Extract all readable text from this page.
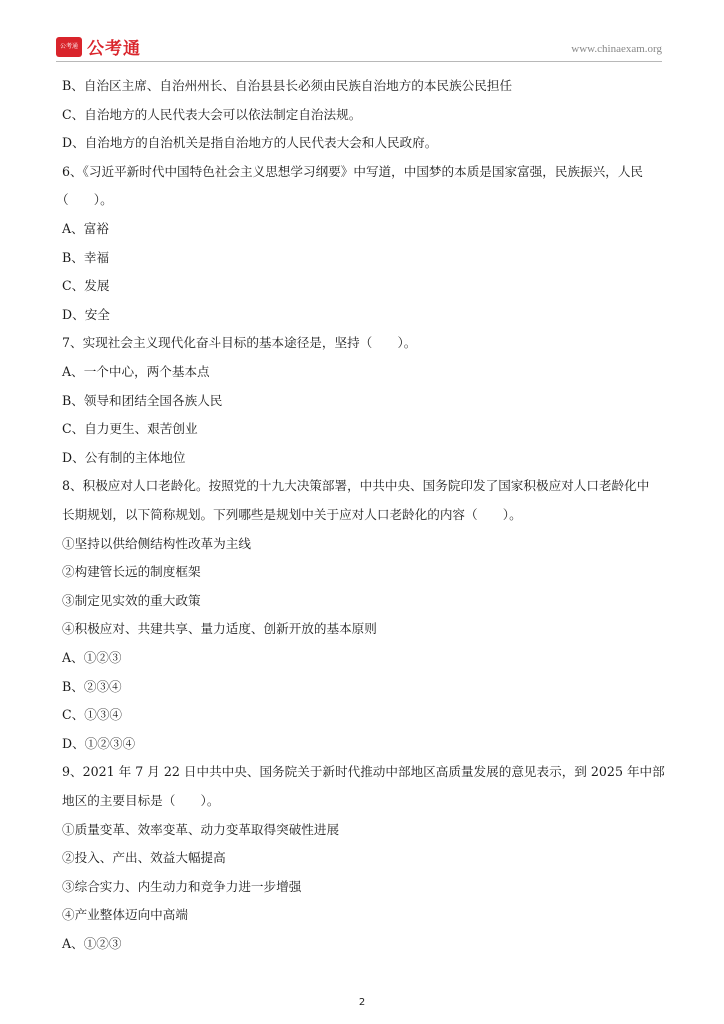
公考通 公考通	www.chinaexam.org
B、自治区主席、自治州州长、自治县县长必须由民族自治地方的本民族公民担任
C、自治地方的人民代表大会可以依法制定自治法规。
D、自治地方的自治机关是指自治地方的人民代表大会和人民政府。
6、《习近平新时代中国特色社会主义思想学习纲要》中写道，中国梦的本质是国家富强，民族振兴，人民
（　　）。
A、富裕
B、幸福
C、发展
D、安全
7、实现社会主义现代化奋斗目标的基本途径是，坚持（　　）。
A、一个中心，两个基本点
B、领导和团结全国各族人民
C、自力更生、艰苦创业
D、公有制的主体地位
8、积极应对人口老龄化。按照党的十九大决策部署，中共中央、国务院印发了国家积极应对人口老龄化中
长期规划，以下简称规划。下列哪些是规划中关于应对人口老龄化的内容（　　）。
①坚持以供给侧结构性改革为主线
②构建管长远的制度框架
③制定见实效的重大政策
④积极应对、共建共享、量力适度、创新开放的基本原则
A、①②③
B、②③④
C、①③④
D、①②③④
9、2021 年 7 月 22 日中共中央、国务院关于新时代推动中部地区高质量发展的意见表示，到 2025 年中部
地区的主要目标是（　　）。
①质量变革、效率变革、动力变革取得突破性进展
②投入、产出、效益大幅提高
③综合实力、内生动力和竞争力进一步增强
④产业整体迈向中高端
A、①②③
2
